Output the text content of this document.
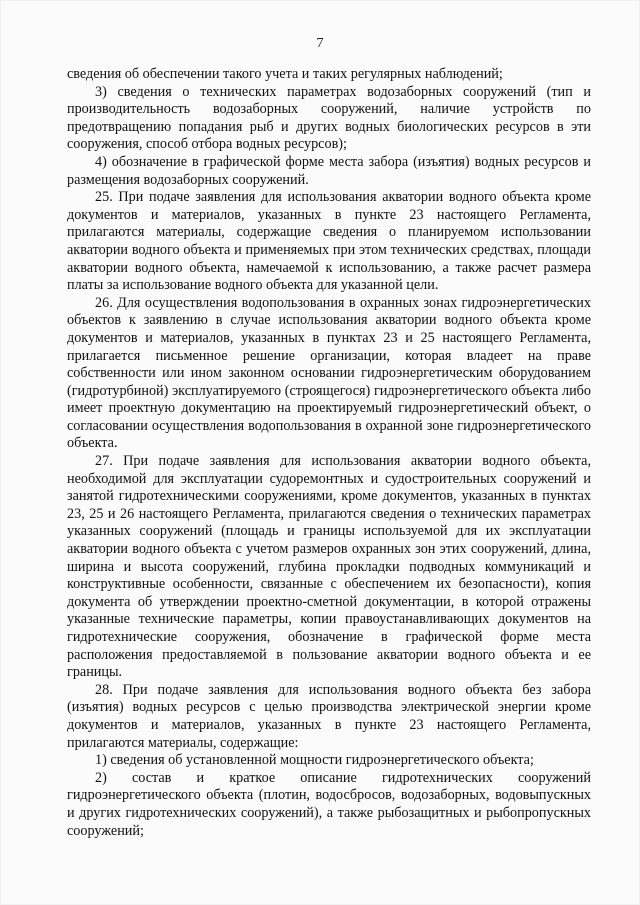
7

сведения об обеспечении такого учета и таких регулярных наблюдений;

3) сведения о технических параметрах водозаборных сооружений (тип и производительность водозаборных сооружений, наличие устройств по предотвращению попадания рыб и других водных биологических ресурсов в эти сооружения, способ отбора водных ресурсов);

4) обозначение в графической форме места забора (изъятия) водных ресурсов и размещения водозаборных сооружений.

25. При подаче заявления для использования акватории водного объекта кроме документов и материалов, указанных в пункте 23 настоящего Регламента, прилагаются материалы, содержащие сведения о планируемом использовании акватории водного объекта и применяемых при этом технических средствах, площади акватории водного объекта, намечаемой к использованию, а также расчет размера платы за использование водного объекта для указанной цели.

26. Для осуществления водопользования в охранных зонах гидроэнергетических объектов к заявлению в случае использования акватории водного объекта кроме документов и материалов, указанных в пунктах 23 и 25 настоящего Регламента, прилагается письменное решение организации, которая владеет на праве собственности или ином законном основании гидроэнергетическим оборудованием (гидротурбиной) эксплуатируемого (строящегося) гидроэнергетического объекта либо имеет проектную документацию на проектируемый гидроэнергетический объект, о согласовании осуществления водопользования в охранной зоне гидроэнергетического объекта.

27. При подаче заявления для использования акватории водного объекта, необходимой для эксплуатации судоремонтных и судостроительных сооружений и занятой гидротехническими сооружениями, кроме документов, указанных в пунктах 23, 25 и 26 настоящего Регламента, прилагаются сведения о технических параметрах указанных сооружений (площадь и границы используемой для их эксплуатации акватории водного объекта с учетом размеров охранных зон этих сооружений, длина, ширина и высота сооружений, глубина прокладки подводных коммуникаций и конструктивные особенности, связанные с обеспечением их безопасности), копия документа об утверждении проектно-сметной документации, в которой отражены указанные технические параметры, копии правоустанавливающих документов на гидротехнические сооружения, обозначение в графической форме места расположения предоставляемой в пользование акватории водного объекта и ее границы.

28. При подаче заявления для использования водного объекта без забора (изъятия) водных ресурсов с целью производства электрической энергии кроме документов и материалов, указанных в пункте 23 настоящего Регламента, прилагаются материалы, содержащие:

1) сведения об установленной мощности гидроэнергетического объекта;

2) состав и краткое описание гидротехнических сооружений гидроэнергетического объекта (плотин, водосбросов, водозаборных, водовыпускных и других гидротехнических сооружений), а также рыбозащитных и рыбопропускных сооружений;
